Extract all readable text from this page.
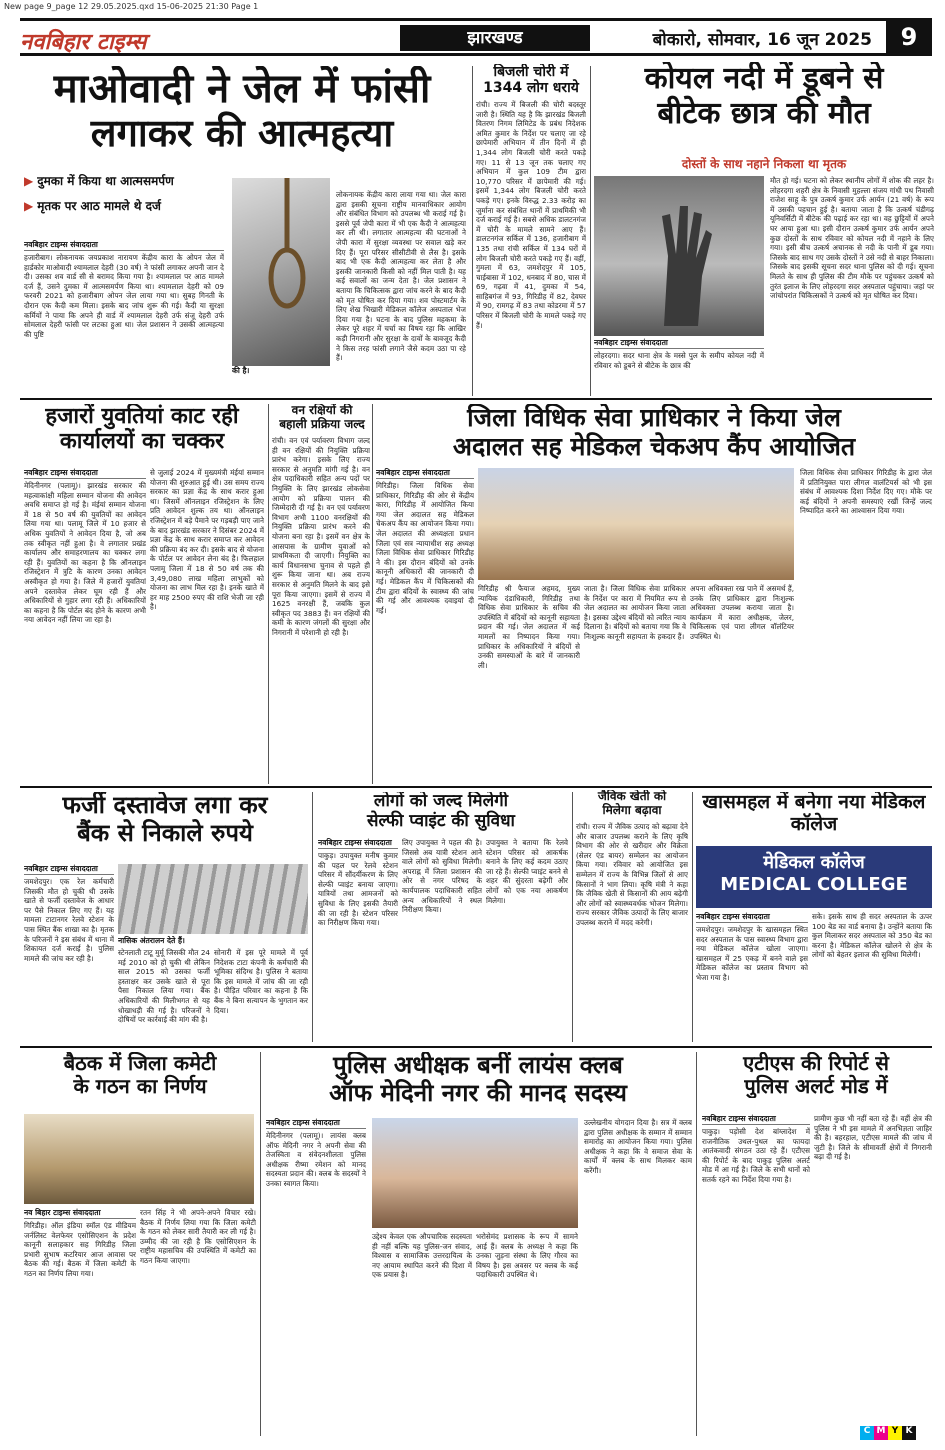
New page 9_page 12 29.05.2025.qxd 15-06-2025 21:30 Page 1
नवबिहार टाइम्स	झारखण्ड	बोकारो, सोमवार, 16 जून 2025	9
माओवादी ने जेल में फांसी
लगाकर की आत्महत्या
▶ दुमका में किया था आत्मसमर्पण
▶ मृतक पर आठ मामले थे दर्ज
की है।
नवबिहार टाइम्स संवाददाता
हजारीबाग। लोकनायक जयप्रकाश नारायण केंद्रीय कारा के ओपन जेल में हार्डकोर माओवादी श्यामलाल देहरी (30 वर्ष) ने फांसी लगाकर अपनी जान दे दी। उसका शव वार्ड सी से बरामद किया गया है। श्यामलाल पर आठ मामले दर्ज हैं, उसने दुमका में आत्मसमर्पण किया था। श्यामलाल देहरी को 09 फरवरी 2021 को हजारीबाग ओपन जेल लाया गया था। सुबह गिनती के दौरान एक कैदी कम मिला। इसके बाद जांच शुरू की गई। कैदी या सुरक्षा कर्मियों ने पाया कि अपने ही वार्ड में श्यामलाल देहरी उर्फ संजू देहरी उर्फ सोमलाल देहरी फांसी पर लटका हुआ था। जेल प्रशासन ने उसकी आत्महत्या की पुष्टि
लोकनायक केंद्रीय कारा लाया गया था। जेल कारा द्वारा इसकी सूचना राष्ट्रीय मानवाधिकार आयोग और संबंधित विभाग को उपलब्ध भी कराई गई है। इससे पूर्व जेपी कारा में भी एक कैदी ने आत्महत्या कर ली थी। लगातार आत्महत्या की घटनाओं ने जेपी कारा में सुरक्षा व्यवस्था पर सवाल खड़े कर दिए हैं। पूरा परिसर सीसीटीवी से लैस है। इसके बाद भी एक कैदी आत्महत्या कर लेता है और इसकी जानकारी किसी को नहीं मिल पाती है। यह कई सवालों का जन्म देता है। जेल प्रशासन ने बताया कि चिकित्सक द्वारा जांच करने के बाद कैदी को मृत घोषित कर दिया गया। शव पोस्टमार्टम के लिए शेख भिखारी मेडिकल कॉलेज अस्पताल भेज दिया गया है। घटना के बाद पुलिस महकमा के लेकर पूरे शहर में चर्चा का विषय रहा कि आखिर कड़ी निगरानी और सुरक्षा के दावों के बावजूद कैदी ने किस तरह फांसी लगाने जैसे कदम उठा पा रहे हैं।
बिजली चोरी में
1344 लोग धराये
रांची। राज्य में बिजली की चोरी बदस्तूर जारी है। स्थिति यह है कि झारखंड बिजली वितरण निगम लिमिटेड के प्रबंध निदेशक अमित कुमार के निर्देश पर चलाए जा रहे छापेमारी अभियान में तीन दिनों में ही 1,344 लोग बिजली चोरी करते पकड़े गए। 11 से 13 जून तक चलाए गए अभियान में कुल 109 टीम द्वारा 10,770 परिसर में छापेमारी की गई। इसमें 1,344 लोग बिजली चोरी करते पकड़े गए। इनके विरुद्ध 2.33 करोड़ का जुर्माना कर संबंधित थानों में प्राथमिकी भी दर्ज कराई गई है। सबसे अधिक डालटनगंज में चोरी के मामले सामने आए हैं। डालटनगंज सर्किल में 136, हजारीबाग में 135 तथा रांची सर्किल में 134 घरों में लोग बिजली चोरी करते पकड़े गए हैं। वहीं, गुमला में 63, जमशेदपुर में 105, चाईबासा में 102, धनबाद में 80, चास में 69, गढ़वा में 41, दुमका में 54, साहिबगंज में 93, गिरिडीह में 82, देवघर में 90, रामगढ़ में 83 तथा कोडरमा में 57 परिसर में बिजली चोरी के मामले पकड़े गए हैं।
कोयल नदी में डूबने से
बीटेक छात्र की मौत
दोस्तों के साथ नहाने निकला था मृतक
नवबिहार टाइम्स संवाददाता
लोहरदगा। सदर थाना क्षेत्र के मस्से पुल के समीप कोयल नदी में रविवार को डूबने से बीटेक के छात्र की
मौत हो गई। घटना को लेकर स्थानीय लोगों में शोक की लहर है। लोहरदगा शहरी क्षेत्र के निवासी मुहल्ला संजय गांधी पथ निवासी राजेश साहू के पुत्र उत्कर्ष कुमार उर्फ आर्यन (21 वर्ष) के रूप में उसकी पहचान हुई है। बताया जाता है कि उत्कर्ष चंडीगढ़ यूनिवर्सिटी में बीटेक की पढ़ाई कर रहा था। वह छुट्टियों में अपने घर आया हुआ था। इसी दौरान उत्कर्ष कुमार उर्फ आर्यन अपने कुछ दोस्तों के साथ रविवार को कोयल नदी में नहाने के लिए गया। इसी बीच उत्कर्ष अचानक से नदी के पानी में डूब गया। जिसके बाद साथ गए उसके दोस्तों ने उसे नदी से बाहर निकाला। जिसके बाद इसकी सूचना सदर थाना पुलिस को दी गई। सूचना मिलते के साथ ही पुलिस की टीम मौके पर पहुंचकर उत्कर्ष को तुरंत इलाज के लिए लोहरदगा सदर अस्पताल पहुंचाया। जहां पर जांचोपरांत चिकित्सकों ने उत्कर्ष को मृत घोषित कर दिया।
हजारों युवतियां काट रही
कार्यालयों का चक्कर
नवबिहार टाइम्स संवाददाता
मेदिनीनगर (पलामू)। झारखंड सरकार की महत्वाकांक्षी महिला सम्मान योजना की आवेदन अवधि समाप्त हो गई है। मंईयां सम्मान योजना में 18 से 50 वर्ष की युवतियों का आवेदन लिया गया था। पलामू जिले में 10 हजार से अधिक युवतियों ने आवेदन दिया है, जो अब तक स्वीकृत नहीं हुआ है। वे लगातार प्रखंड कार्यालय और समाहरणालय का चक्कर लगा रही हैं। युवतियों का कहना है कि ऑनलाइन रजिस्ट्रेशन में त्रुटि के कारण उनका आवेदन अस्वीकृत हो गया है। जिले में हजारों युवतियां अपने दस्तावेज लेकर घूम रही हैं और अधिकारियों से गुहार लगा रही हैं। अधिकारियों का कहना है कि पोर्टल बंद होने के कारण अभी नया आवेदन नहीं लिया जा रहा है।
से जुलाई 2024 में मुख्यमंत्री मंईयां सम्मान योजना की शुरुआत हुई थी। उस समय राज्य सरकार का प्रज्ञा केंद्र के साथ करार हुआ था। जिसमें ऑनलाइन रजिस्ट्रेशन के लिए प्रति आवेदन शुल्क तय था। ऑनलाइन रजिस्ट्रेशन में बड़े पैमाने पर गड़बड़ी पाए जाने के बाद झारखंड सरकार ने दिसंबर 2024 में प्रज्ञा केंद्र के साथ करार समाप्त कर आवेदन की प्रक्रिया बंद कर दी। इसके बाद से योजना के पोर्टल पर आवेदन लेना बंद है। फिलहाल पलामू जिला में 18 से 50 वर्ष तक की 3,49,080 लाख महिला लाभुकों को योजना का लाभ मिल रहा है। इनके खाते में हर माह 2500 रुपए की राशि भेजी जा रही है।
वन रक्षियों की
बहाली प्रक्रिया जल्द
रांची। वन एवं पर्यावरण विभाग जल्द ही वन रक्षियों की नियुक्ति प्रक्रिया प्रारंभ करेगा। इसके लिए राज्य सरकार से अनुमति मांगी गई है। वन क्षेत्र पदाधिकारी सहित अन्य पदों पर नियुक्ति के लिए झारखंड लोकसेवा आयोग को प्रक्रिया पालन की जिम्मेदारी दी गई है। वन एवं पर्यावरण विभाग अभी 1100 वनरक्षियों की नियुक्ति प्रक्रिया प्रारंभ करने की योजना बना रहा है। इसमें वन क्षेत्र के आसपास के ग्रामीण युवाओं को प्राथमिकता दी जाएगी। नियुक्ति का कार्य विधानसभा चुनाव से पहले ही शुरू किया जाना था। अब राज्य सरकार से अनुमति मिलने के बाद इसे पूरा किया जाएगा। इसमें से राज्य में 1625 वनरक्षी हैं, जबकि कुल स्वीकृत पद 3883 हैं। वन रक्षियों की कमी के कारण जंगलों की सुरक्षा और निगरानी में परेशानी हो रही है।
जिला विधिक सेवा प्राधिकार ने किया जेल
अदालत सह मेडिकल चेकअप कैंप आयोजित
नवबिहार टाइम्स संवाददाता
गिरिडीह। जिला विधिक सेवा प्राधिकार, गिरिडीह की ओर से केंद्रीय कारा, गिरिडीह में आयोजित किया गया जेल अदालत सह मेडिकल चेकअप कैंप का आयोजन किया गया। जेल अदालत की अध्यक्षता प्रधान जिला एवं सत्र न्यायाधीश सह अध्यक्ष जिला विधिक सेवा प्राधिकार गिरिडीह ने की। इस दौरान बंदियों को उनके कानूनी अधिकारों की जानकारी दी गई। मेडिकल कैंप में चिकित्सकों की टीम द्वारा बंदियों के स्वास्थ्य की जांच की गई और आवश्यक दवाइयां दी गईं।
गिरिडीह श्री फैयाज अहमद, मुख्य न्यायिक दंडाधिकारी, गिरिडीह तथा विधिक सेवा प्राधिकार के सचिव की उपस्थिति में बंदियों को कानूनी सहायता प्रदान की गई। जेल अदालत में कई मामलों का निष्पादन किया गया। प्राधिकार के अधिकारियों ने बंदियों से उनकी समस्याओं के बारे में जानकारी ली।
जाता है। जिला विधिक सेवा प्राधिकार के निर्देश पर कारा में नियमित रूप से जेल अदालत का आयोजन किया जाता है। इसका उद्देश्य बंदियों को त्वरित न्याय दिलाना है। बंदियों को बताया गया कि वे निःशुल्क कानूनी सहायता के हकदार हैं।
अपना अधिवक्ता रख पाने में असमर्थ हैं, उनके लिए प्राधिकार द्वारा निःशुल्क अधिवक्ता उपलब्ध कराया जाता है। कार्यक्रम में कारा अधीक्षक, जेलर, चिकित्सक एवं पारा लीगल वॉलंटियर उपस्थित थे।
जिला विधिक सेवा प्राधिकार गिरिडीह के द्वारा जेल में प्रतिनियुक्त पारा लीगल वालंटियर्स को भी इस संबंध में आवश्यक दिशा निर्देश दिए गए। मौके पर कई बंदियों ने अपनी समस्याएं रखीं जिन्हें जल्द निष्पादित करने का आश्वासन दिया गया।
फर्जी दस्तावेज लगा कर
बैंक से निकाले रुपये
नवबिहार टाइम्स संवाददाता
जमशेदपुर। एक रेल कर्मचारी जिसकी मौत हो चुकी थी उसके खाते से फर्जी दस्तावेज के आधार पर पैसे निकाल लिए गए हैं। यह मामला टाटानगर रेलवे स्टेशन के पास स्थित बैंक शाखा का है। मृतक के परिजनों ने इस संबंध में थाना में शिकायत दर्ज कराई है। पुलिस मामले की जांच कर रही है।
नासिक अंतरालन देते हैं।
स्टेनलाती टाटू मुर्मू जिसकी मौत 24 मई 2010 को हो चुकी थी लेकिन साल 2015 को उसका फर्जी हस्ताक्षर कर उसके खाते से पूरा पैसा निकाल लिया गया। बैंक अधिकारियों की मिलीभगत से यह धोखाधड़ी की गई है। परिजनों ने दोषियों पर कार्रवाई की मांग की है।
सोनारी में इस पूरे मामले में पूर्व निदेशक टाटा कंपनी के कर्मचारी की भूमिका संदिग्ध है। पुलिस ने बताया कि इस मामले में जांच की जा रही है। पीड़ित परिवार का कहना है कि बैंक ने बिना सत्यापन के भुगतान कर दिया।
लोगों को जल्द मिलेगी
सेल्फी प्वाइंट की सुविधा
नवबिहार टाइम्स संवाददाता
पाकुड़। उपायुक्त मनीष कुमार की पहल पर रेलवे स्टेशन परिसर में सौंदर्यीकरण के लिए सेल्फी प्वाइंट बनाया जाएगा। यात्रियों तथा आमजनों को सुविधा के लिए इसकी तैयारी की जा रही है। स्टेशन परिसर का निरीक्षण किया गया।
लिए उपायुक्त ने पहल की है। जिससे अब यात्री स्टेशन आने वाले लोगों को सुविधा मिलेगी। अपराह्न में जिला प्रशासन की ओर से नगर परिषद के कार्यपालक पदाधिकारी सहित अन्य अधिकारियों ने स्थल निरीक्षण किया।
उपायुक्त ने बताया कि रेलवे स्टेशन परिसर को आकर्षक बनाने के लिए कई कदम उठाए जा रहे हैं। सेल्फी प्वाइंट बनने से शहर की सुंदरता बढ़ेगी और लोगों को एक नया आकर्षण मिलेगा।
जैविक खेती को
मिलेगा बढ़ावा
रांची। राज्य में जैविक उत्पाद को बढ़ावा देने और बाजार उपलब्ध कराने के लिए कृषि विभाग की ओर से खरीदार और विक्रेता (सेलर एंड बायर) सम्मेलन का आयोजन किया गया। रविवार को आयोजित इस सम्मेलन में राज्य के विभिन्न जिलों से आए किसानों ने भाग लिया। कृषि मंत्री ने कहा कि जैविक खेती से किसानों की आय बढ़ेगी और लोगों को स्वास्थ्यवर्धक भोजन मिलेगा। राज्य सरकार जैविक उत्पादों के लिए बाजार उपलब्ध कराने में मदद करेगी।
खासमहल में बनेगा नया मेडिकल कॉलेज
मेडिकल कॉलेज
MEDICAL COLLEGE
नवबिहार टाइम्स संवाददाता
जमशेदपुर। जमशेदपुर के खासमहल स्थित सदर अस्पताल के पास स्वास्थ्य विभाग द्वारा नया मेडिकल कॉलेज खोला जाएगा। खासमहल में 25 एकड़ में बनने वाले इस मेडिकल कॉलेज का प्रस्ताव विभाग को भेजा गया है।
सके। इसके साथ ही सदर अस्पताल के ऊपर 100 बेड का वार्ड बनाया है। उन्होंने बताया कि कुल मिलाकर सदर अस्पताल को 350 बेड का करना है। मेडिकल कॉलेज खोलने से क्षेत्र के लोगों को बेहतर इलाज की सुविधा मिलेगी।
बैठक में जिला कमेटी
के गठन का निर्णय
नव बिहार टाइम्स संवाददाता
गिरिडीह। ऑल इंडिया स्मॉल एंड मीडियम जर्नलिस्ट वेलफेयर एसोसिएशन के प्रदेश कानूनी सलाहकार सह गिरिडीह जिला प्रभारी सुभाष कटरियार आज आवास पर बैठक की गई। बैठक में जिला कमेटी के गठन का निर्णय लिया गया।
रतन सिंह ने भी अपने-अपने विचार रखे। बैठक में निर्णय लिया गया कि जिला कमेटी के गठन को लेकर सारी तैयारी कर ली गई है। उम्मीद की जा रही है कि एसोसिएशन के राष्ट्रीय महासचिव की उपस्थिति में कमेटी का गठन किया जाएगा।
पुलिस अधीक्षक बनीं लायंस क्लब
ऑफ मेदिनी नगर की मानद सदस्य
नवबिहार टाइम्स संवाददाता
मेदिनीनगर (पलामू)। लायंस क्लब ऑफ मेदिनी नगर ने अपनी सेवा की तेजस्विता व संवेदनशीलता पुलिस अधीक्षक रीष्मा रमेशन को मानद सदस्यता प्रदान की। क्लब के सदस्यों ने उनका स्वागत किया।
उद्देश्य केवल एक औपचारिक सदस्यता ही नहीं बल्कि यह पुलिस-जन संवाद, विश्वास व सामाजिक उत्तरदायित्व के नए आयाम स्थापित करने की दिशा में एक प्रयास है।
भरोसेमंद प्रशासक के रूप में सामने आई हैं। क्लब के अध्यक्ष ने कहा कि उनका जुड़ना संस्था के लिए गौरव का विषय है। इस अवसर पर क्लब के कई पदाधिकारी उपस्थित थे।
उल्लेखनीय योगदान दिया है। सत्र में क्लब द्वारा पुलिस अधीक्षक के सम्मान में सम्मान समारोह का आयोजन किया गया। पुलिस अधीक्षक ने कहा कि वे समाज सेवा के कार्यों में क्लब के साथ मिलकर काम करेंगी।
एटीएस की रिपोर्ट से
पुलिस अलर्ट मोड में
नवबिहार टाइम्स संवाददाता
पाकुड़। पड़ोसी देश बांग्लादेश में राजनीतिक उथल-पुथल का फायदा आतंकवादी संगठन उठा रहे हैं। एटीएस की रिपोर्ट के बाद पाकुड़ पुलिस अलर्ट मोड में आ गई है। जिले के सभी थानों को सतर्क रहने का निर्देश दिया गया है।
प्रामीण कुछ भी नहीं बता रहे हैं। वहीं क्षेत्र की पुलिस ने भी इस मामले में अनभिज्ञता जाहिर की है। बहरहाल, एटीएस मामले की जांच में जुटी है। जिले के सीमावर्ती क्षेत्रों में निगरानी बढ़ा दी गई है।
C M Y K
